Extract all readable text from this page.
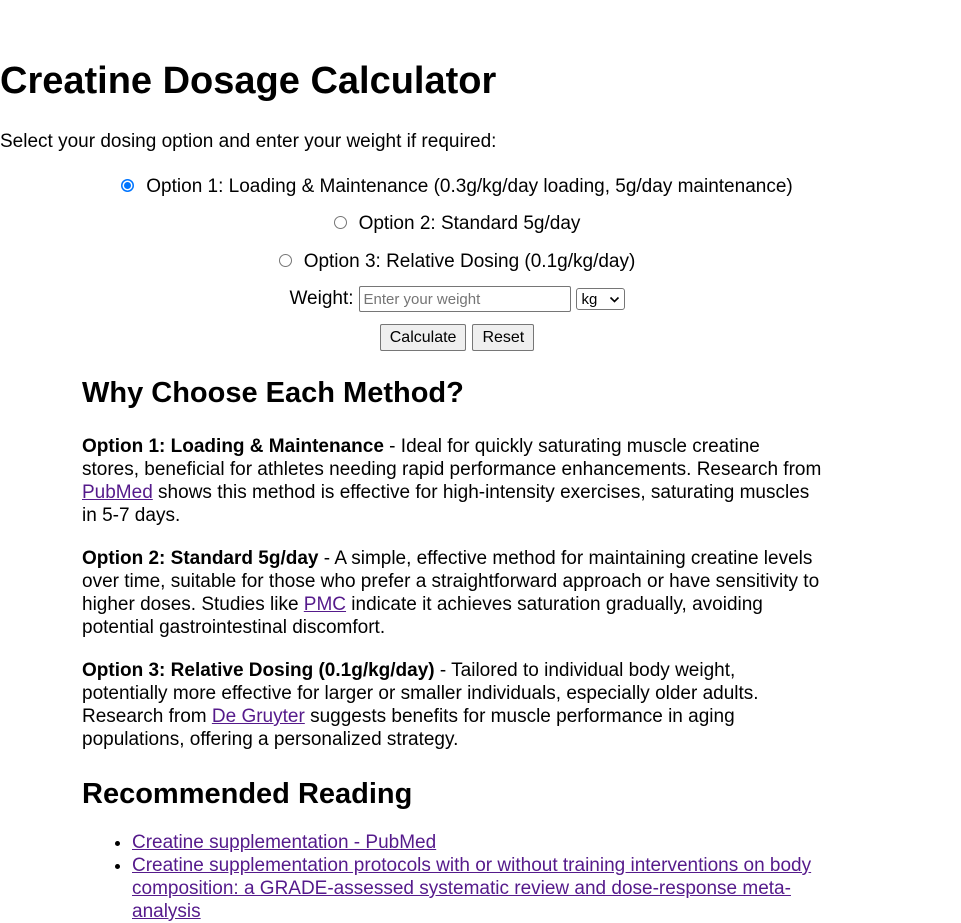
Creatine Dosage Calculator

Select your dosing option and enter your weight if required:

Option 1: Loading & Maintenance (0.3g/kg/day loading, 5g/day maintenance)
Option 2: Standard 5g/day
Option 3: Relative Dosing (0.1g/kg/day)
Weight:
Enter your weight	kg
Calculate	Reset
Why Choose Each Method?

Option 1: Loading & Maintenance - Ideal for quickly saturating muscle creatine stores, beneficial for athletes needing rapid performance enhancements. Research from PubMed shows this method is effective for high-intensity exercises, saturating muscles in 5-7 days.

Option 2: Standard 5g/day - A simple, effective method for maintaining creatine levels over time, suitable for those who prefer a straightforward approach or have sensitivity to higher doses. Studies like PMC indicate it achieves saturation gradually, avoiding potential gastrointestinal discomfort.

Option 3: Relative Dosing (0.1g/kg/day) - Tailored to individual body weight, potentially more effective for larger or smaller individuals, especially older adults. Research from De Gruyter suggests benefits for muscle performance in aging populations, offering a personalized strategy.

Recommended Reading
• Creatine supplementation - PubMed
• Creatine supplementation protocols with or without training interventions on body composition: a GRADE-assessed systematic review and dose-response meta-analysis
